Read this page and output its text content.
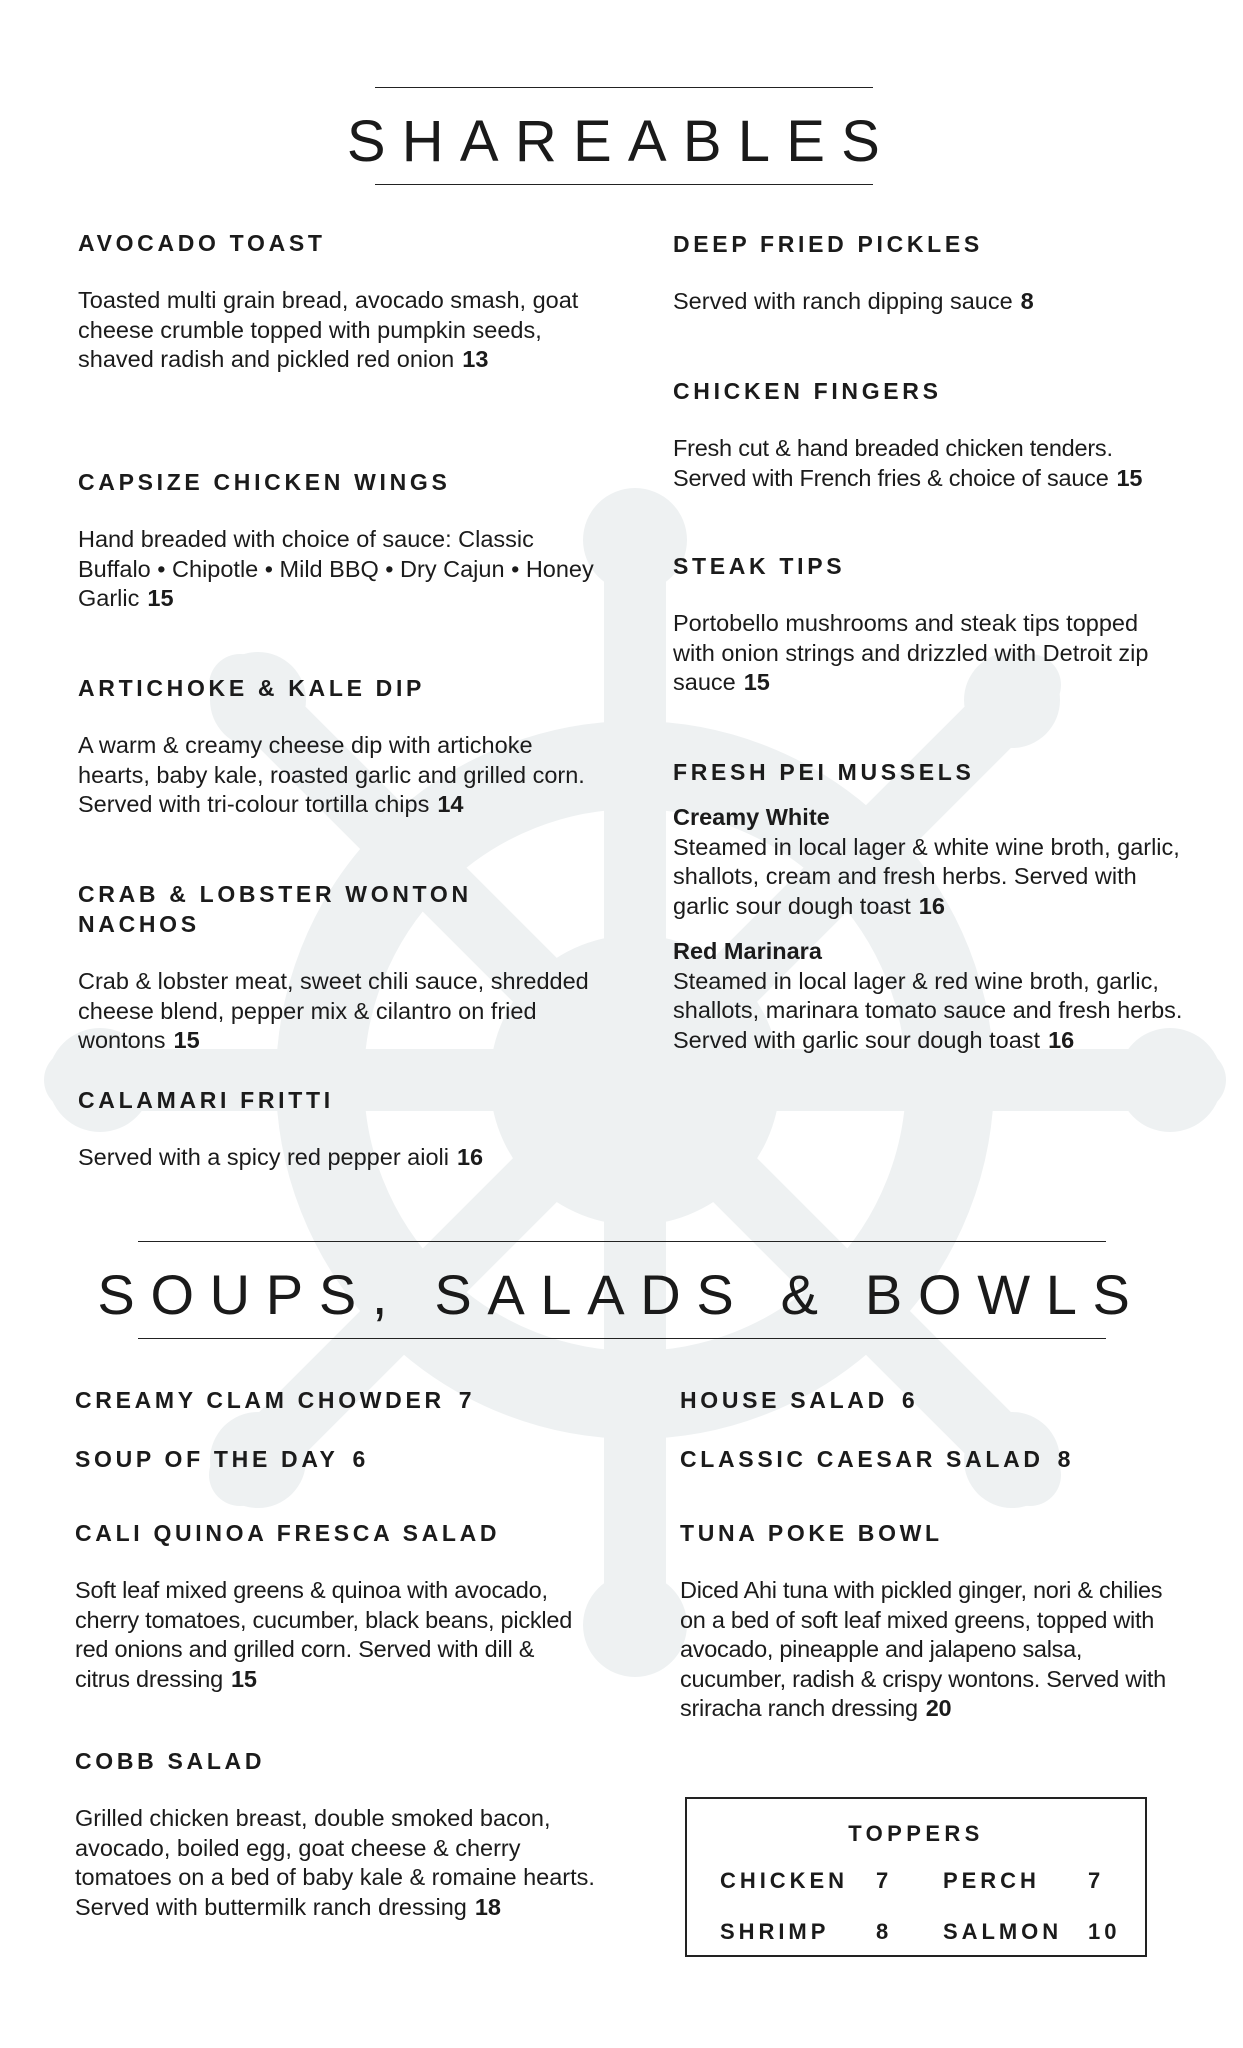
SHAREABLES
AVOCADO TOAST

Toasted multi grain bread, avocado smash, goat cheese crumble topped with pumpkin seeds, shaved radish and pickled red onion 13

CAPSIZE CHICKEN WINGS

Hand breaded with choice of sauce: Classic Buffalo • Chipotle • Mild BBQ • Dry Cajun • Honey Garlic 15

ARTICHOKE & KALE DIP

A warm & creamy cheese dip with artichoke hearts, baby kale, roasted garlic and grilled corn. Served with tri-colour tortilla chips 14

CRAB & LOBSTER WONTON NACHOS

Crab & lobster meat, sweet chili sauce, shredded cheese blend, pepper mix & cilantro on fried wontons 15

CALAMARI FRITTI

Served with a spicy red pepper aioli 16

DEEP FRIED PICKLES

Served with ranch dipping sauce 8

CHICKEN FINGERS

Fresh cut & hand breaded chicken tenders. Served with French fries & choice of sauce 15

STEAK TIPS

Portobello mushrooms and steak tips topped with onion strings and drizzled with Detroit zip sauce 15

FRESH PEI MUSSELS
Creamy White

Steamed in local lager & white wine broth, garlic, shallots, cream and fresh herbs. Served with garlic sour dough toast 16

Red Marinara

Steamed in local lager & red wine broth, garlic, shallots, marinara tomato sauce and fresh herbs. Served with garlic sour dough toast 16

SOUPS, SALADS & BOWLS
CREAMY CLAM CHOWDER 7
SOUP OF THE DAY 6
CALI QUINOA FRESCA SALAD

Soft leaf mixed greens & quinoa with avocado, cherry tomatoes, cucumber, black beans, pickled red onions and grilled corn. Served with dill & citrus dressing 15

COBB SALAD

Grilled chicken breast, double smoked bacon, avocado, boiled egg, goat cheese & cherry tomatoes on a bed of baby kale & romaine hearts. Served with buttermilk ranch dressing 18

HOUSE SALAD 6
CLASSIC CAESAR SALAD 8
TUNA POKE BOWL

Diced Ahi tuna with pickled ginger, nori & chilies on a bed of soft leaf mixed greens, topped with avocado, pineapple and jalapeno salsa, cucumber, radish & crispy wontons. Served with sriracha ranch dressing 20

TOPPERS
CHICKEN 7 PERCH 7
SHRIMP 8 SALMON 10
